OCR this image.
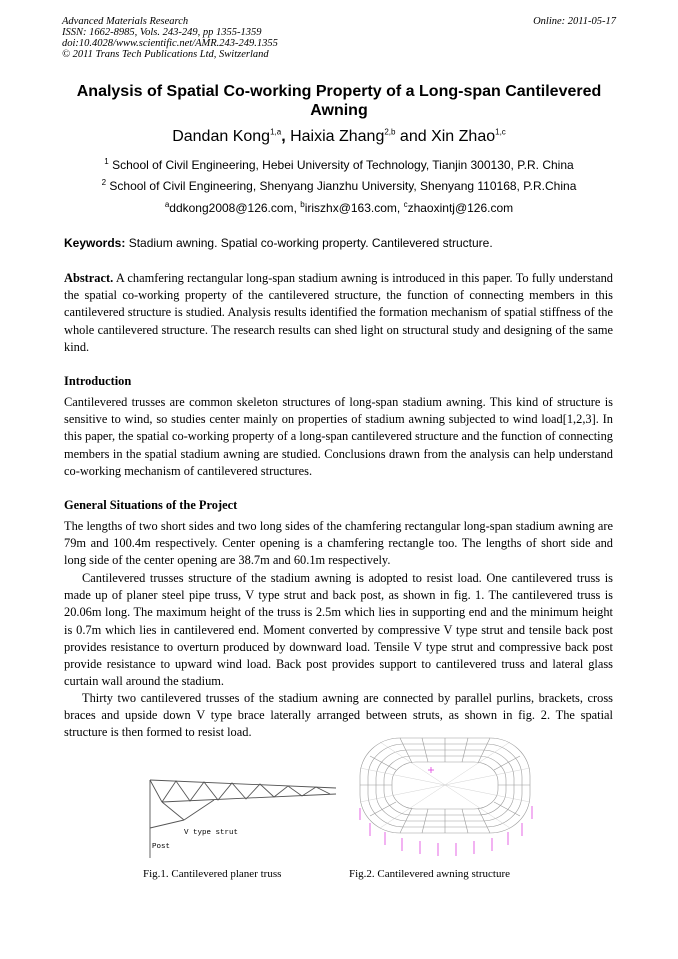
Advanced Materials Research
ISSN: 1662-8985, Vols. 243-249, pp 1355-1359
doi:10.4028/www.scientific.net/AMR.243-249.1355
© 2011 Trans Tech Publications Ltd, Switzerland
Online: 2011-05-17
Analysis of Spatial Co-working Property of a Long-span Cantilevered
Awning
Dandan Kong$^{1,a}$, Haixia Zhang$^{2,b}$ and Xin Zhao$^{1,c}$
$^1$ School of Civil Engineering, Hebei University of Technology, Tianjin 300130, P.R. China
$^2$ School of Civil Engineering, Shenyang Jianzhu University, Shenyang 110168, P.R.China
$^a$ddkong2008@126.com, $^b$iriszhx@163.com, $^c$zhaoxintj@126.com
Keywords: Stadium awning. Spatial co-working property. Cantilevered structure.
Abstract. A chamfering rectangular long-span stadium awning is introduced in this paper. To fully understand the spatial co-working property of the cantilevered structure, the function of connecting members in this cantilevered structure is studied. Analysis results identified the formation mechanism of spatial stiffness of the whole cantilevered structure. The research results can shed light on structural study and designing of the same kind.
Introduction
Cantilevered trusses are common skeleton structures of long-span stadium awning. This kind of structure is sensitive to wind, so studies center mainly on properties of stadium awning subjected to wind load[1,2,3]. In this paper, the spatial co-working property of a long-span cantilevered structure and the function of connecting members in the spatial stadium awning are studied. Conclusions drawn from the analysis can help understand co-working mechanism of cantilevered structures.
General Situations of the Project
The lengths of two short sides and two long sides of the chamfering rectangular long-span stadium awning are 79m and 100.4m respectively. Center opening is a chamfering rectangle too. The lengths of short side and long side of the center opening are 38.7m and 60.1m respectively.
Cantilevered trusses structure of the stadium awning is adopted to resist load. One cantilevered truss is made up of planer steel pipe truss, V type strut and back post, as shown in fig. 1. The cantilevered truss is 20.06m long. The maximum height of the truss is 2.5m which lies in supporting end and the minimum height is 0.7m which lies in cantilevered end. Moment converted by compressive V type strut and tensile back post provides resistance to overturn produced by downward load. Tensile V type strut and compressive back post provide resistance to upward wind load. Back post provides support to cantilevered truss and lateral glass curtain wall around the stadium.
Thirty two cantilevered trusses of the stadium awning are connected by parallel purlins, brackets, cross braces and upside down V type brace laterally arranged between struts, as shown in fig. 2. The spatial structure is then formed to resist load.
V type strut
Post
Fig.1. Cantilevered planer truss	Fig.2. Cantilevered awning structure
